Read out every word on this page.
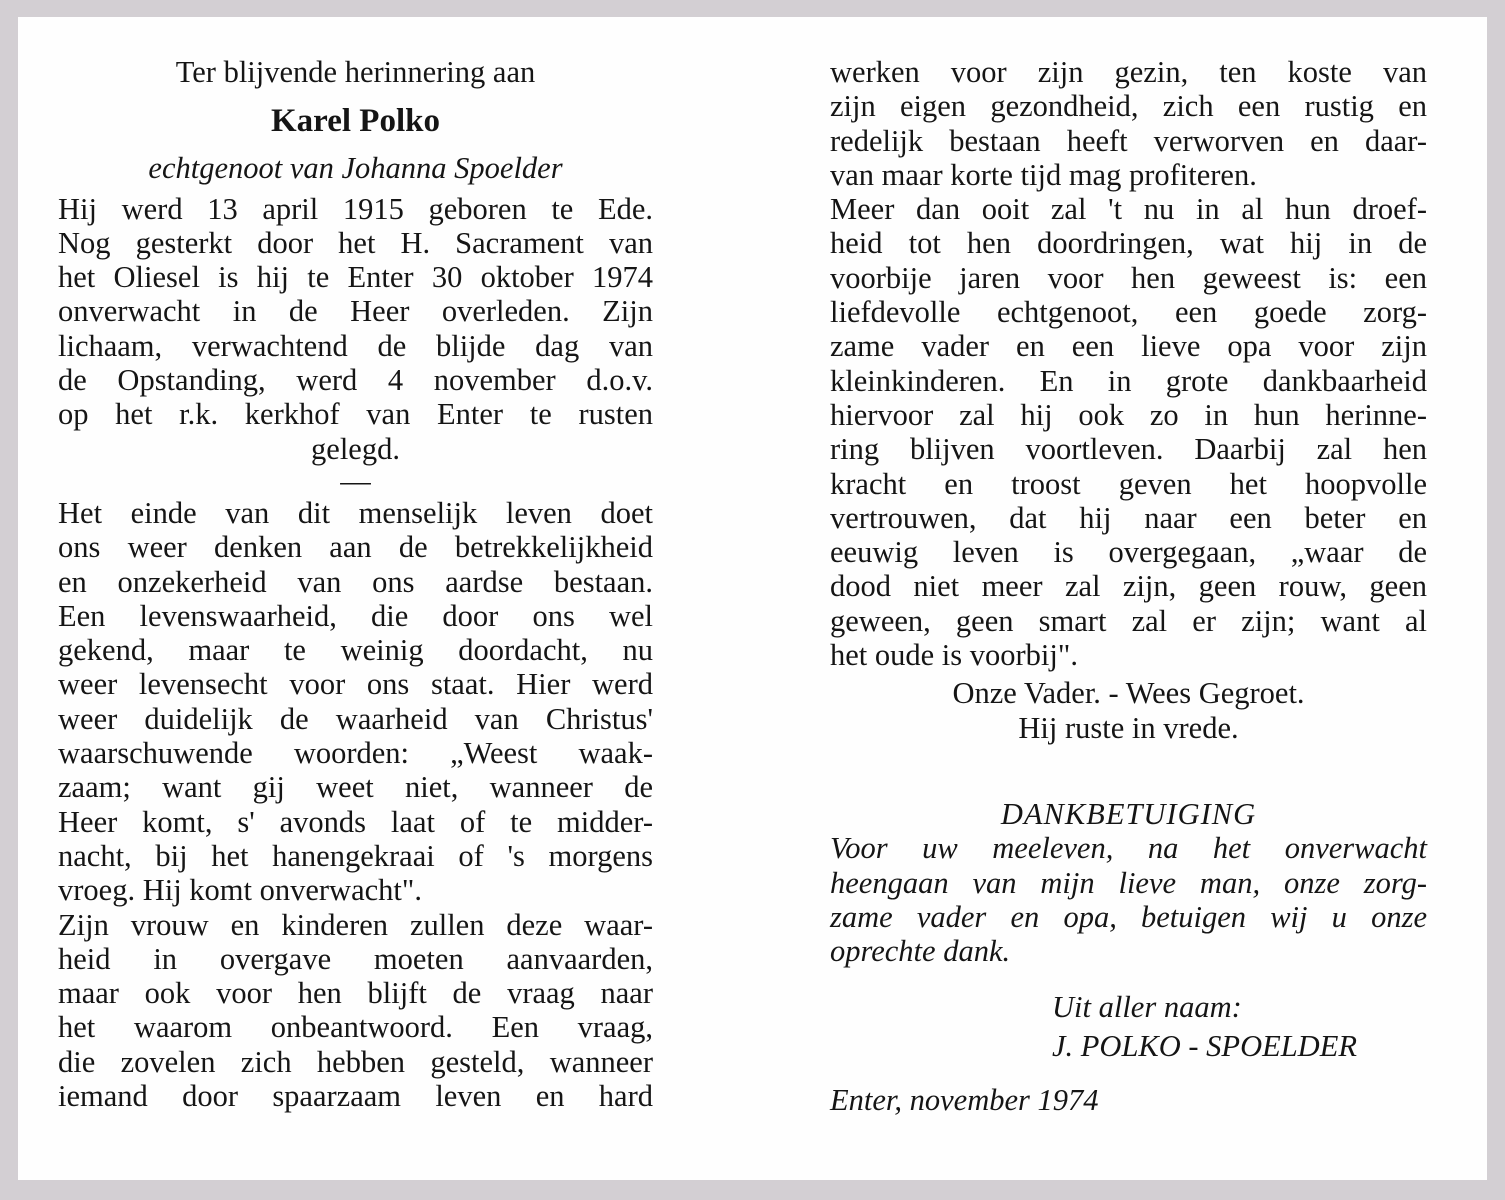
Ter blijvende herinnering aan
Karel Polko
echtgenoot van Johanna Spoelder
Hij werd 13 april 1915 geboren te Ede.
Nog gesterkt door het H. Sacrament van
het Oliesel is hij te Enter 30 oktober 1974
onverwacht in de Heer overleden. Zijn
lichaam, verwachtend de blijde dag van
de Opstanding, werd 4 november d.o.v.
op het r.k. kerkhof van Enter te rusten
gelegd.
—
Het einde van dit menselijk leven doet
ons weer denken aan de betrekkelijkheid
en onzekerheid van ons aardse bestaan.
Een levenswaarheid, die door ons wel
gekend, maar te weinig doordacht, nu
weer levensecht voor ons staat. Hier werd
weer duidelijk de waarheid van Christus'
waarschuwende woorden: „Weest waak-
zaam; want gij weet niet, wanneer de
Heer komt, s' avonds laat of te midder-
nacht, bij het hanengekraai of 's morgens
vroeg. Hij komt onverwacht".
Zijn vrouw en kinderen zullen deze waar-
heid in overgave moeten aanvaarden,
maar ook voor hen blijft de vraag naar
het waarom onbeantwoord. Een vraag,
die zovelen zich hebben gesteld, wanneer
iemand door spaarzaam leven en hard
werken voor zijn gezin, ten koste van
zijn eigen gezondheid, zich een rustig en
redelijk bestaan heeft verworven en daar-
van maar korte tijd mag profiteren.
Meer dan ooit zal 't nu in al hun droef-
heid tot hen doordringen, wat hij in de
voorbije jaren voor hen geweest is: een
liefdevolle echtgenoot, een goede zorg-
zame vader en een lieve opa voor zijn
kleinkinderen. En in grote dankbaarheid
hiervoor zal hij ook zo in hun herinne-
ring blijven voortleven. Daarbij zal hen
kracht en troost geven het hoopvolle
vertrouwen, dat hij naar een beter en
eeuwig leven is overgegaan, „waar de
dood niet meer zal zijn, geen rouw, geen
geween, geen smart zal er zijn; want al
het oude is voorbij".
Onze Vader. - Wees Gegroet.
Hij ruste in vrede.
DANKBETUIGING
Voor uw meeleven, na het onverwacht
heengaan van mijn lieve man, onze zorg-
zame vader en opa, betuigen wij u onze
oprechte dank.
Uit aller naam:
J. POLKO - SPOELDER
Enter, november 1974
